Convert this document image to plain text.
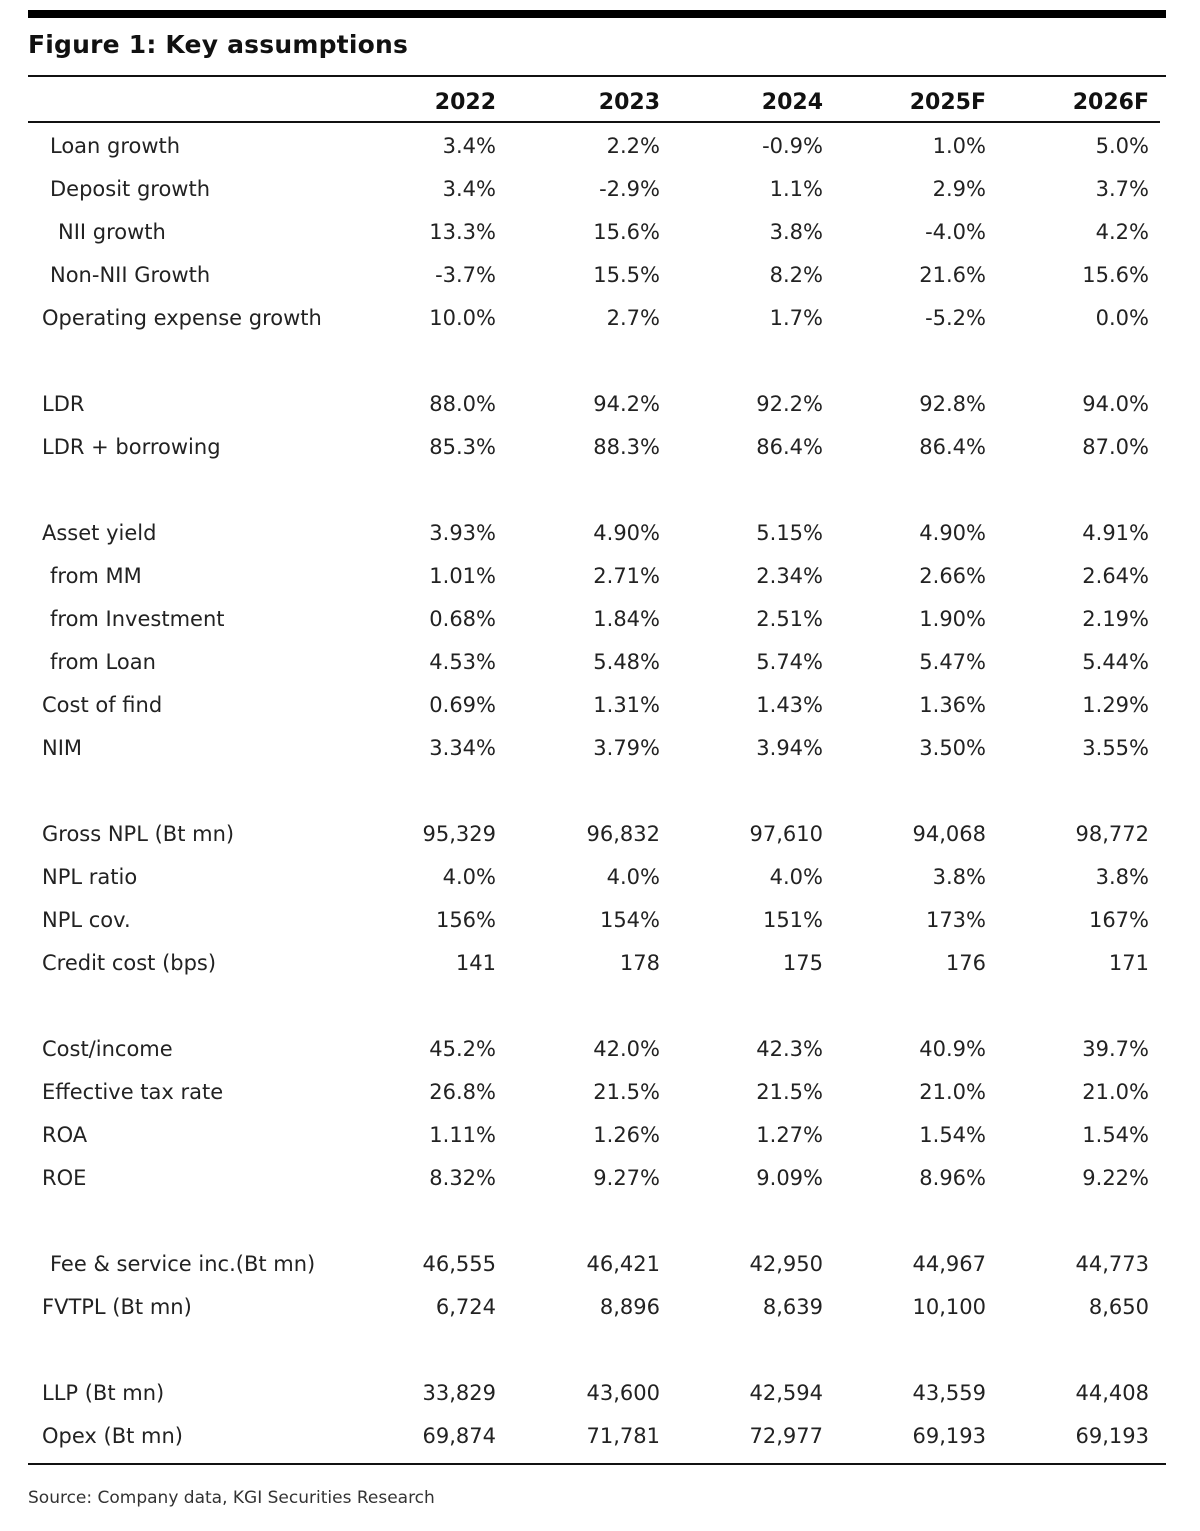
Figure 1: Key assumptions
2022	2023	2024	2025F	2026F
Loan growth	3.4%	2.2%	-0.9%	1.0%	5.0%
Deposit growth	3.4%	-2.9%	1.1%	2.9%	3.7%
NII growth	13.3%	15.6%	3.8%	-4.0%	4.2%
Non-NII Growth	-3.7%	15.5%	8.2%	21.6%	15.6%
Operating expense growth	10.0%	2.7%	1.7%	-5.2%	0.0%
LDR	88.0%	94.2%	92.2%	92.8%	94.0%
LDR + borrowing	85.3%	88.3%	86.4%	86.4%	87.0%
Asset yield	3.93%	4.90%	5.15%	4.90%	4.91%
from MM	1.01%	2.71%	2.34%	2.66%	2.64%
from Investment	0.68%	1.84%	2.51%	1.90%	2.19%
from Loan	4.53%	5.48%	5.74%	5.47%	5.44%
Cost of find	0.69%	1.31%	1.43%	1.36%	1.29%
NIM	3.34%	3.79%	3.94%	3.50%	3.55%
Gross NPL (Bt mn)	95,329	96,832	97,610	94,068	98,772
NPL ratio	4.0%	4.0%	4.0%	3.8%	3.8%
NPL cov.	156%	154%	151%	173%	167%
Credit cost (bps)	141	178	175	176	171
Cost/income	45.2%	42.0%	42.3%	40.9%	39.7%
Effective tax rate	26.8%	21.5%	21.5%	21.0%	21.0%
ROA	1.11%	1.26%	1.27%	1.54%	1.54%
ROE	8.32%	9.27%	9.09%	8.96%	9.22%
Fee & service inc.(Bt mn)	46,555	46,421	42,950	44,967	44,773
FVTPL (Bt mn)	6,724	8,896	8,639	10,100	8,650
LLP (Bt mn)	33,829	43,600	42,594	43,559	44,408
Opex (Bt mn)	69,874	71,781	72,977	69,193	69,193
Source: Company data, KGI Securities Research
